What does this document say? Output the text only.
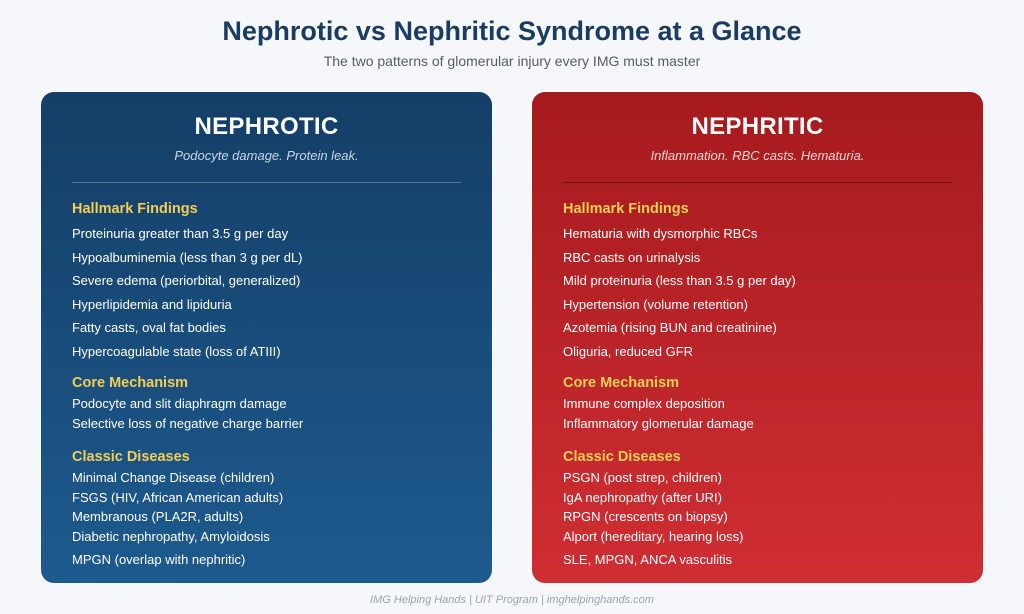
Nephrotic vs Nephritic Syndrome at a Glance
The two patterns of glomerular injury every IMG must master
NEPHROTIC
Podocyte damage. Protein leak.
Hallmark Findings
Proteinuria greater than 3.5 g per day
Hypoalbuminemia (less than 3 g per dL)
Severe edema (periorbital, generalized)
Hyperlipidemia and lipiduria
Fatty casts, oval fat bodies
Hypercoagulable state (loss of ATIII)
Core Mechanism
Podocyte and slit diaphragm damage
Selective loss of negative charge barrier
Classic Diseases
Minimal Change Disease (children)
FSGS (HIV, African American adults)
Membranous (PLA2R, adults)
Diabetic nephropathy, Amyloidosis
MPGN (overlap with nephritic)
NEPHRITIC
Inflammation. RBC casts. Hematuria.
Hallmark Findings
Hematuria with dysmorphic RBCs
RBC casts on urinalysis
Mild proteinuria (less than 3.5 g per day)
Hypertension (volume retention)
Azotemia (rising BUN and creatinine)
Oliguria, reduced GFR
Core Mechanism
Immune complex deposition
Inflammatory glomerular damage
Classic Diseases
PSGN (post strep, children)
IgA nephropathy (after URI)
RPGN (crescents on biopsy)
Alport (hereditary, hearing loss)
SLE, MPGN, ANCA vasculitis
IMG Helping Hands | UIT Program | imghelpinghands.com
